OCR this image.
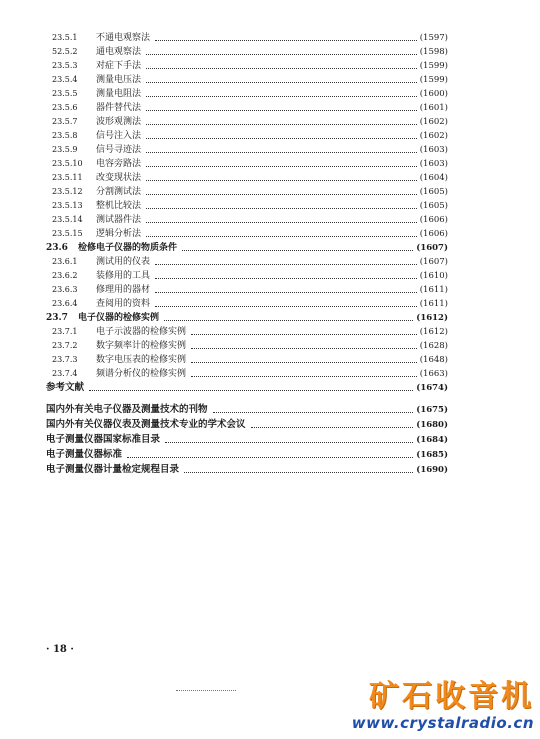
23.5.1	不通电观察法	(1597)
52.5.2	通电观察法	(1598)
23.5.3	对症下手法	(1599)
23.5.4	测量电压法	(1599)
23.5.5	测量电阻法	(1600)
23.5.6	器件替代法	(1601)
23.5.7	波形观测法	(1602)
23.5.8	信号注入法	(1602)
23.5.9	信号寻迹法	(1603)
23.5.10	电容旁路法	(1603)
23.5.11	改变现状法	(1604)
23.5.12	分割测试法	(1605)
23.5.13	整机比较法	(1605)
23.5.14	测试器件法	(1606)
23.5.15	逻辑分析法	(1606)
23.6	检修电子仪器的物质条件	(1607)
23.6.1	测试用的仪表	(1607)
23.6.2	装修用的工具	(1610)
23.6.3	修理用的器材	(1611)
23.6.4	查阅用的资料	(1611)
23.7	电子仪器的检修实例	(1612)
23.7.1	电子示波器的检修实例	(1612)
23.7.2	数字频率计的检修实例	(1628)
23.7.3	数字电压表的检修实例	(1648)
23.7.4	频谱分析仪的检修实例	(1663)
参考文献	(1674)
国内外有关电子仪器及测量技术的刊物	(1675)
国内外有关仪器仪表及测量技术专业的学术会议	(1680)
电子测量仪器国家标准目录	(1684)
电子测量仪器标准	(1685)
电子测量仪器计量检定规程目录	(1690)
· 18 ·
矿石收音机
www.crystalradio.cn
